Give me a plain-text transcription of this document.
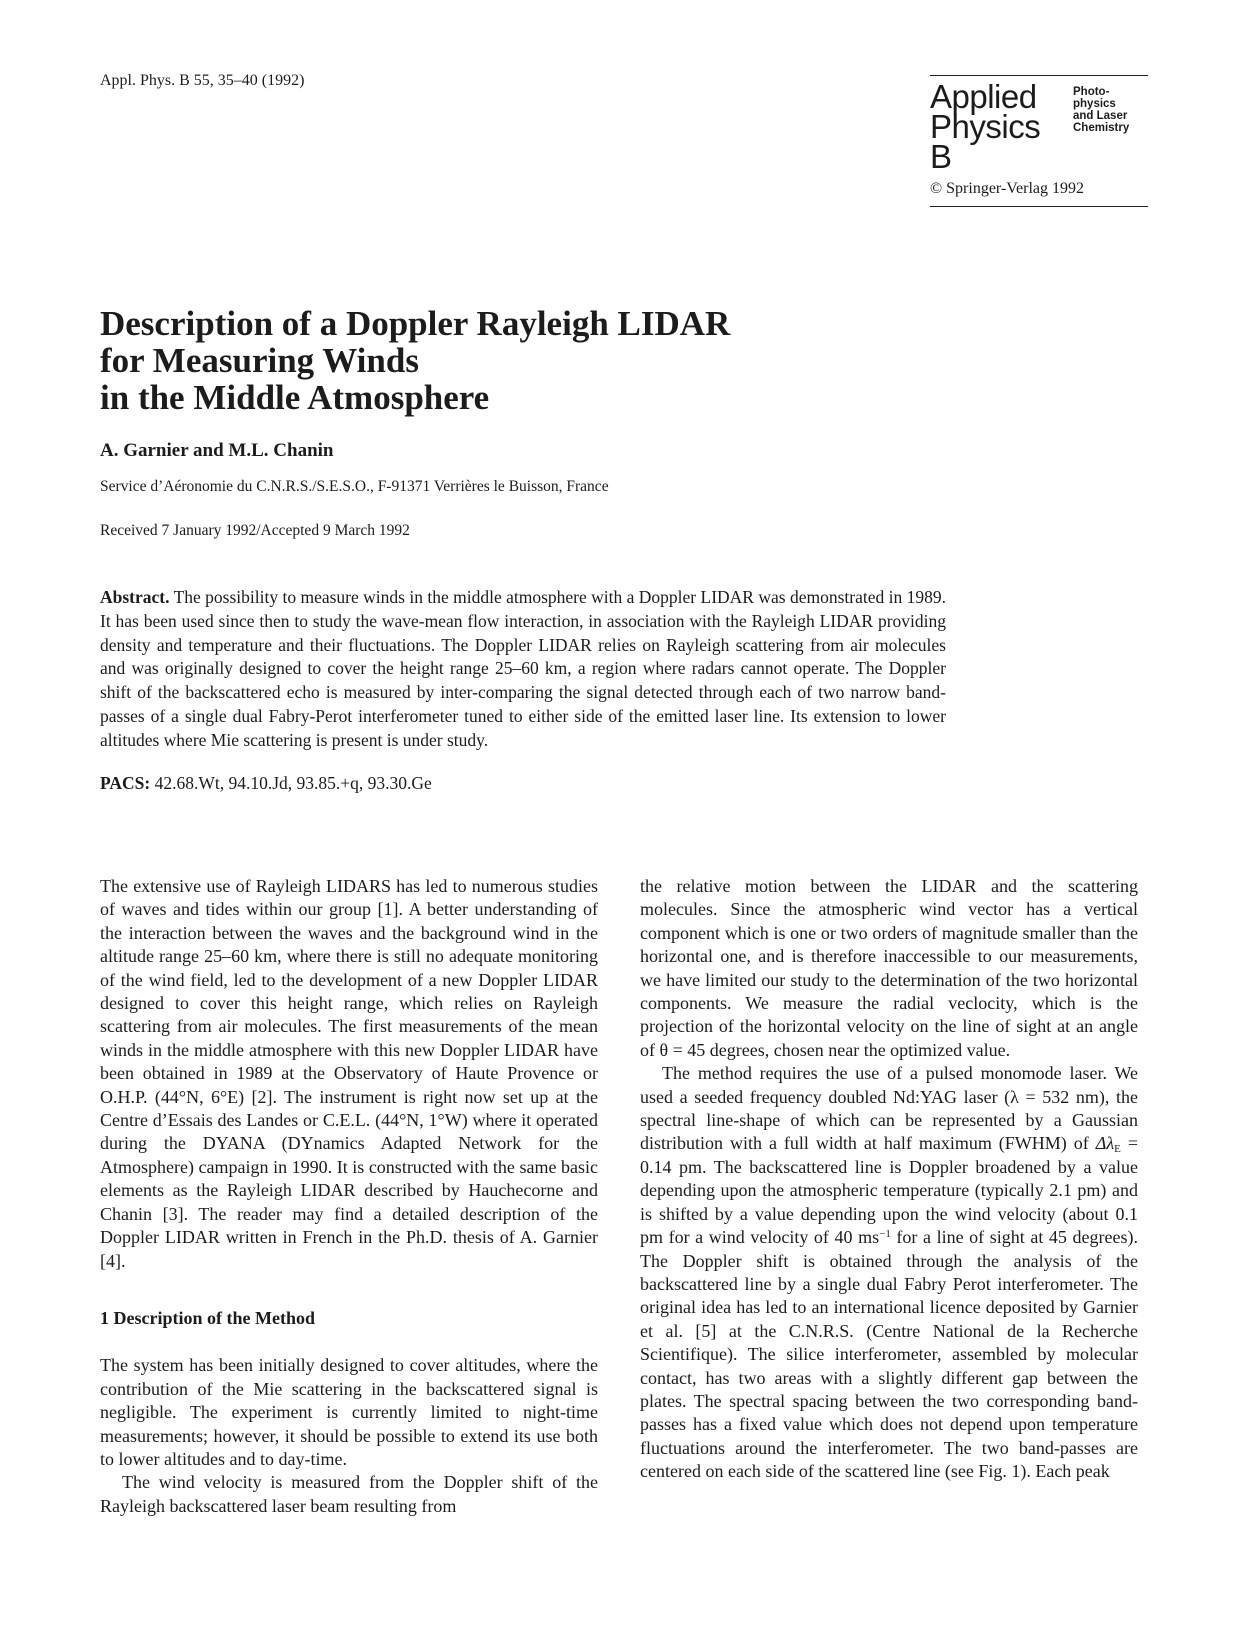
Appl. Phys. B 55, 35–40 (1992)	Applied
Physics B
Photo-
physics
and Laser
Chemistry
© Springer-Verlag 1992
Description of a Doppler Rayleigh LIDAR
for Measuring Winds
in the Middle Atmosphere
A. Garnier and M.L. Chanin
Service d’Aéronomie du C.N.R.S./S.E.S.O., F-91371 Verrières le Buisson, France
Received 7 January 1992/Accepted 9 March 1992

Abstract. The possibility to measure winds in the middle atmosphere with a Doppler LIDAR was demonstrated in 1989. It has been used since then to study the wave-mean flow interaction, in association with the Rayleigh LIDAR providing density and temperature and their fluctuations. The Doppler LIDAR relies on Rayleigh scattering from air molecules and was originally designed to cover the height range 25–60 km, a region where radars cannot operate. The Doppler shift of the backscattered echo is measured by inter-comparing the signal detected through each of two narrow band-passes of a single dual Fabry-Perot interferometer tuned to either side of the emitted laser line. Its extension to lower altitudes where Mie scattering is present is under study.

PACS: 42.68.Wt, 94.10.Jd, 93.85.+q, 93.30.Ge

The extensive use of Rayleigh LIDARS has led to numerous studies of waves and tides within our group [1]. A better understanding of the interaction between the waves and the background wind in the altitude range 25–60 km, where there is still no adequate monitoring of the wind field, led to the development of a new Doppler LIDAR designed to cover this height range, which relies on Rayleigh scattering from air molecules. The first measurements of the mean winds in the middle atmosphere with this new Doppler LIDAR have been obtained in 1989 at the Observatory of Haute Provence or O.H.P. (44°N, 6°E) [2]. The instrument is right now set up at the Centre d’Essais des Landes or C.E.L. (44°N, 1°W) where it operated during the DYANA (DYnamics Adapted Network for the Atmosphere) campaign in 1990. It is constructed with the same basic elements as the Rayleigh LIDAR described by Hauchecorne and Chanin [3]. The reader may find a detailed description of the Doppler LIDAR written in French in the Ph.D. thesis of A. Garnier [4].

1 Description of the Method

The system has been initially designed to cover altitudes, where the contribution of the Mie scattering in the backscattered signal is negligible. The experiment is currently limited to night-time measurements; however, it should be possible to extend its use both to lower altitudes and to day-time.

The wind velocity is measured from the Doppler shift of the Rayleigh backscattered laser beam resulting from

the relative motion between the LIDAR and the scattering molecules. Since the atmospheric wind vector has a vertical component which is one or two orders of magnitude smaller than the horizontal one, and is therefore inaccessible to our measurements, we have limited our study to the determination of the two horizontal components. We measure the radial veclocity, which is the projection of the horizontal velocity on the line of sight at an angle of θ = 45 degrees, chosen near the optimized value.

The method requires the use of a pulsed monomode laser. We used a seeded frequency doubled Nd:YAG laser (λ = 532 nm), the spectral line-shape of which can be represented by a Gaussian distribution with a full width at half maximum (FWHM) of $\Delta\lambda_E = 0.14$ pm. The backscattered line is Doppler broadened by a value depending upon the atmospheric temperature (typically 2.1 pm) and is shifted by a value depending upon the wind velocity (about 0.1 pm for a wind velocity of 40 $ms^{-1}$ for a line of sight at 45 degrees). The Doppler shift is obtained through the analysis of the backscattered line by a single dual Fabry Perot interferometer. The original idea has led to an international licence deposited by Garnier et al. [5] at the C.N.R.S. (Centre National de la Recherche Scientifique). The silice interferometer, assembled by molecular contact, has two areas with a slightly different gap between the plates. The spectral spacing between the two corresponding band-passes has a fixed value which does not depend upon temperature fluctuations around the interferometer. The two band-passes are centered on each side of the scattered line (see Fig. 1). Each peak
